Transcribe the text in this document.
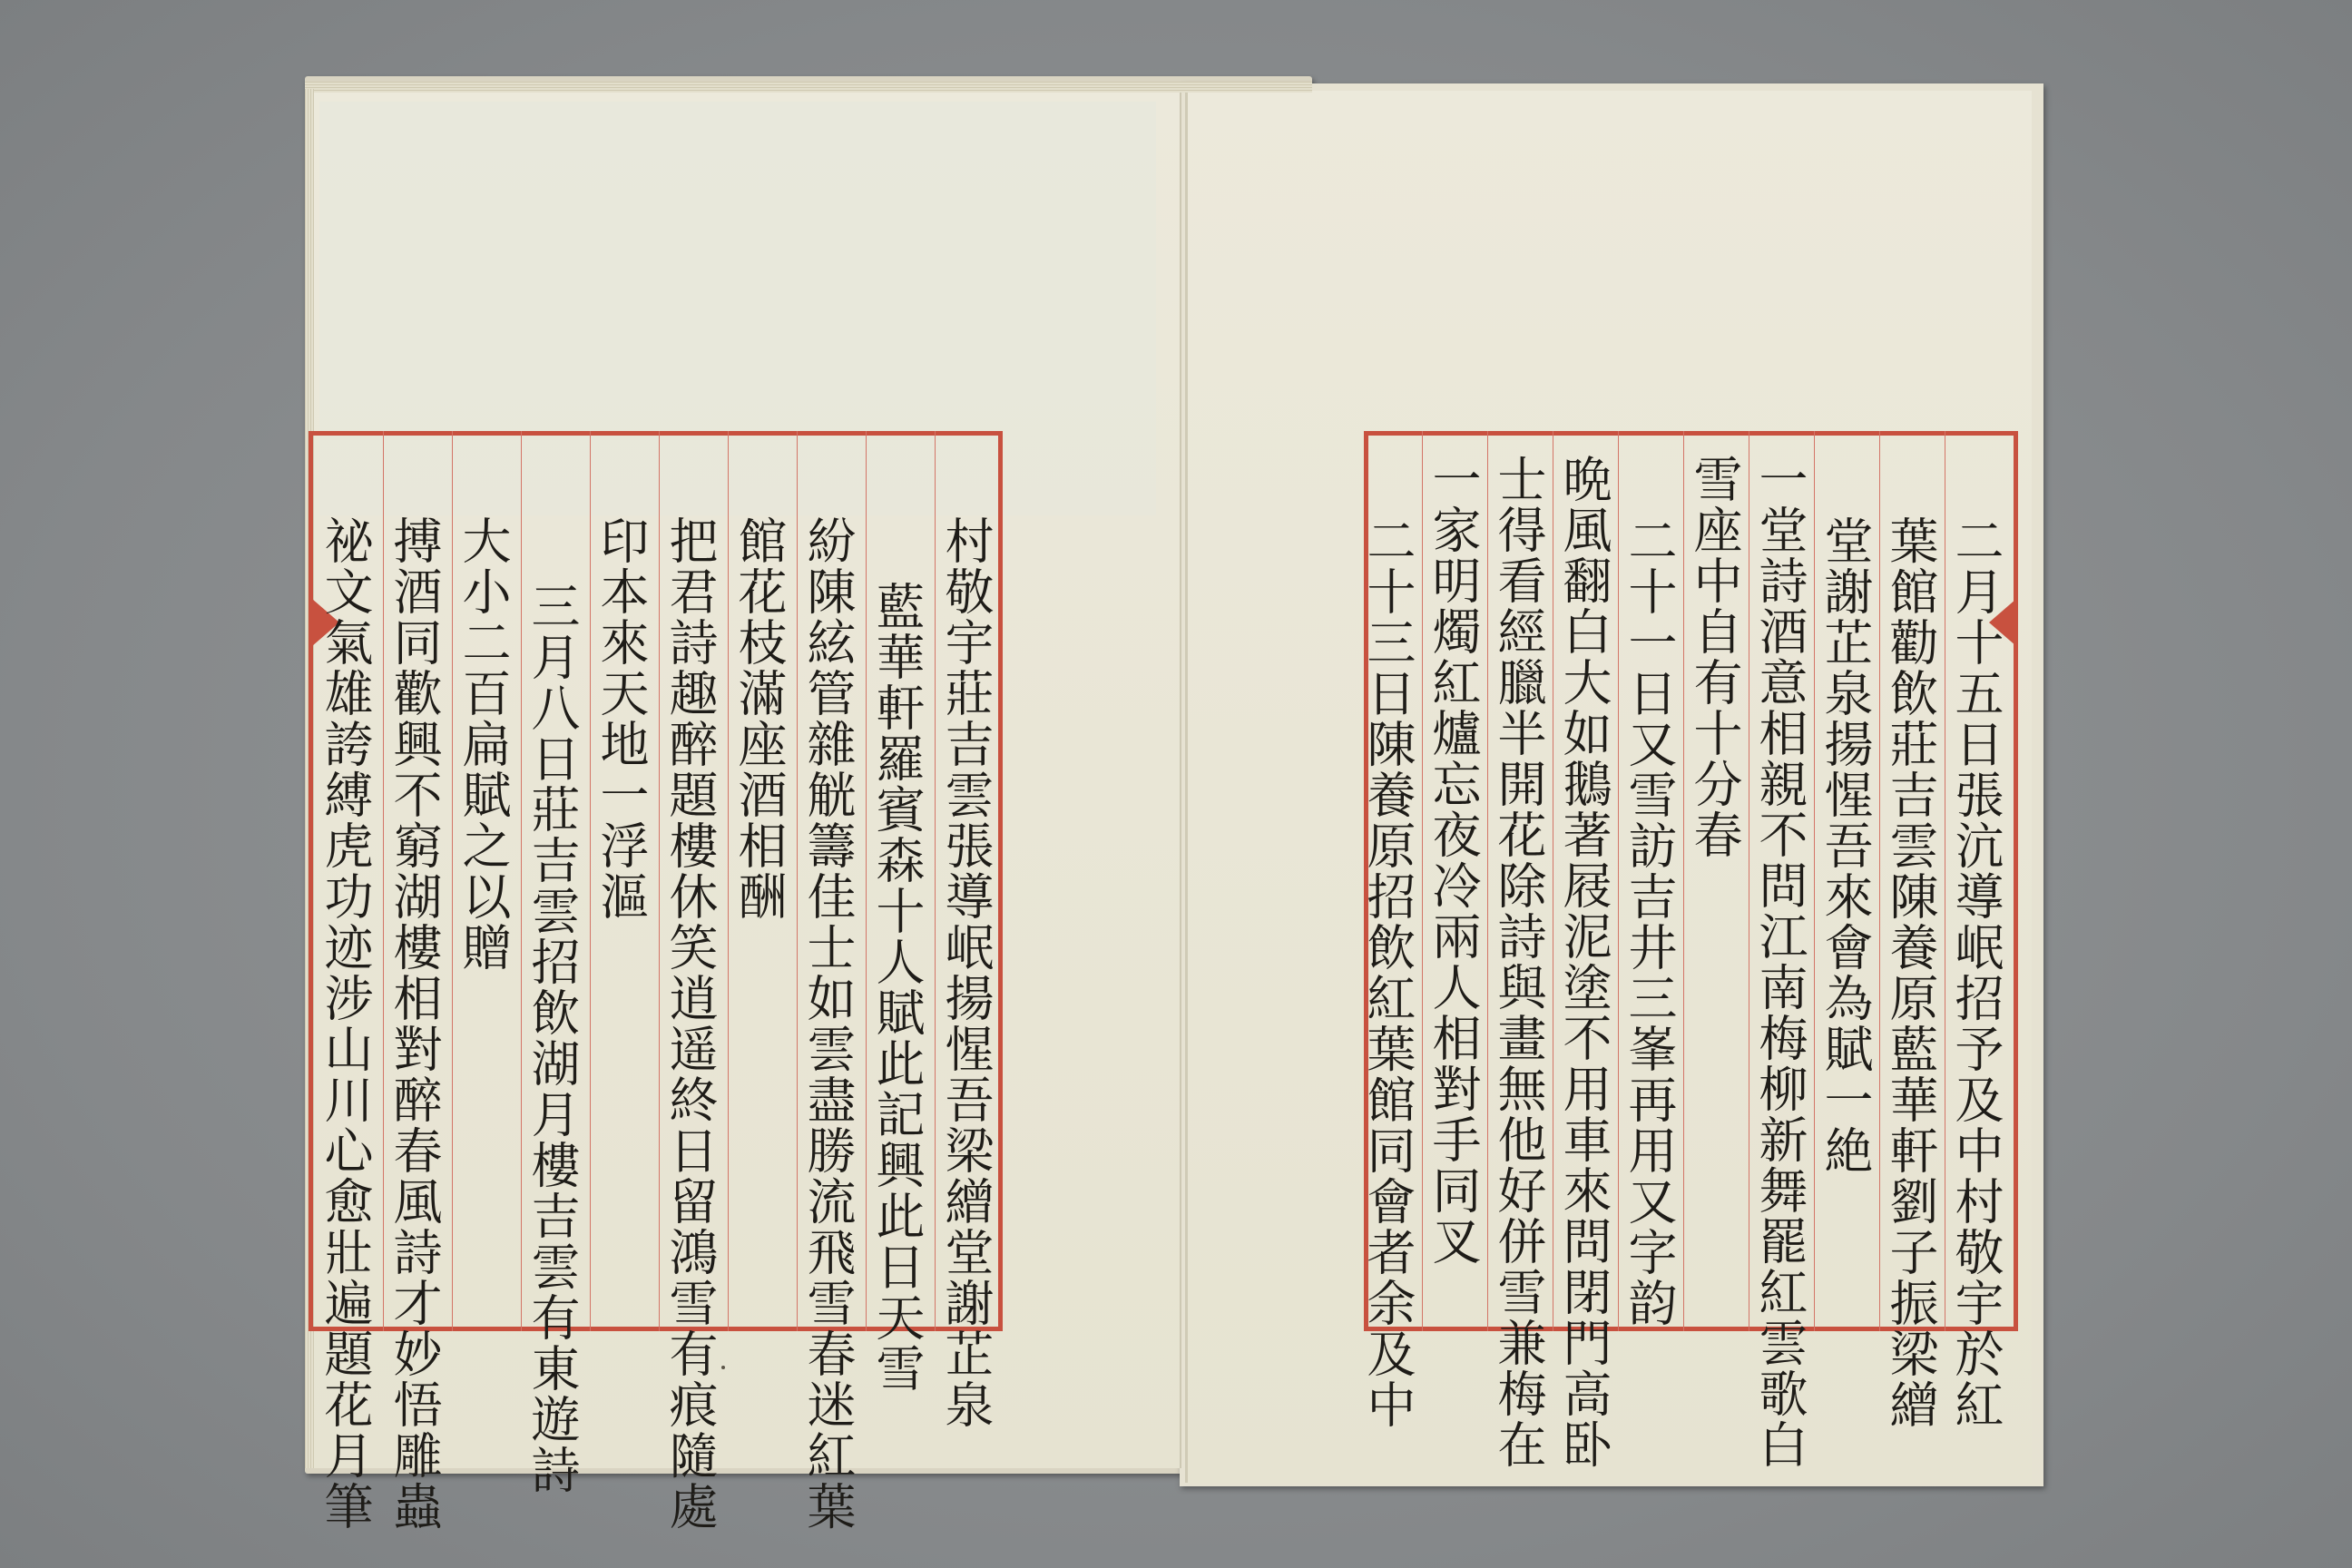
村敬宇莊吉雲張導岷揚惺吾梁繒堂謝芷泉
藍華軒羅賓森十人賦此記興此日天雪
紛陳絃管雜觥籌佳士如雲盡勝流飛雪春迷紅葉
館花枝滿座酒相酬
把君詩趣醉題樓休笑逍遥終日留鴻雪有痕隨處
印本來天地一浮漚
三月八日莊吉雲招飲湖月樓吉雲有東遊詩
大小二百扁賦之以贈
搏酒同歡興不窮湖樓相對醉春風詩才妙悟雕蟲
祕文氣雄誇縛虎功迹涉山川心愈壯遍題花月筆	二月十五日張沆導岷招予及中村敬宇於紅
葉館勸飲莊吉雲陳養原藍華軒劉子振梁繒
堂謝芷泉揚惺吾來會為賦一絶
一堂詩酒意相親不問江南梅柳新舞罷紅雲歌白
雪座中自有十分春
二十一日又雪訪吉井三峯再用又字韵
晩風翻白大如鵝著屐泥塗不用車來問閉門高卧
士得看經臘半開花除詩與畫無他好併雪兼梅在
一家明燭紅爐忘夜冷兩人相對手同叉
二十三日陳養原招飲紅葉館同會者余及中
